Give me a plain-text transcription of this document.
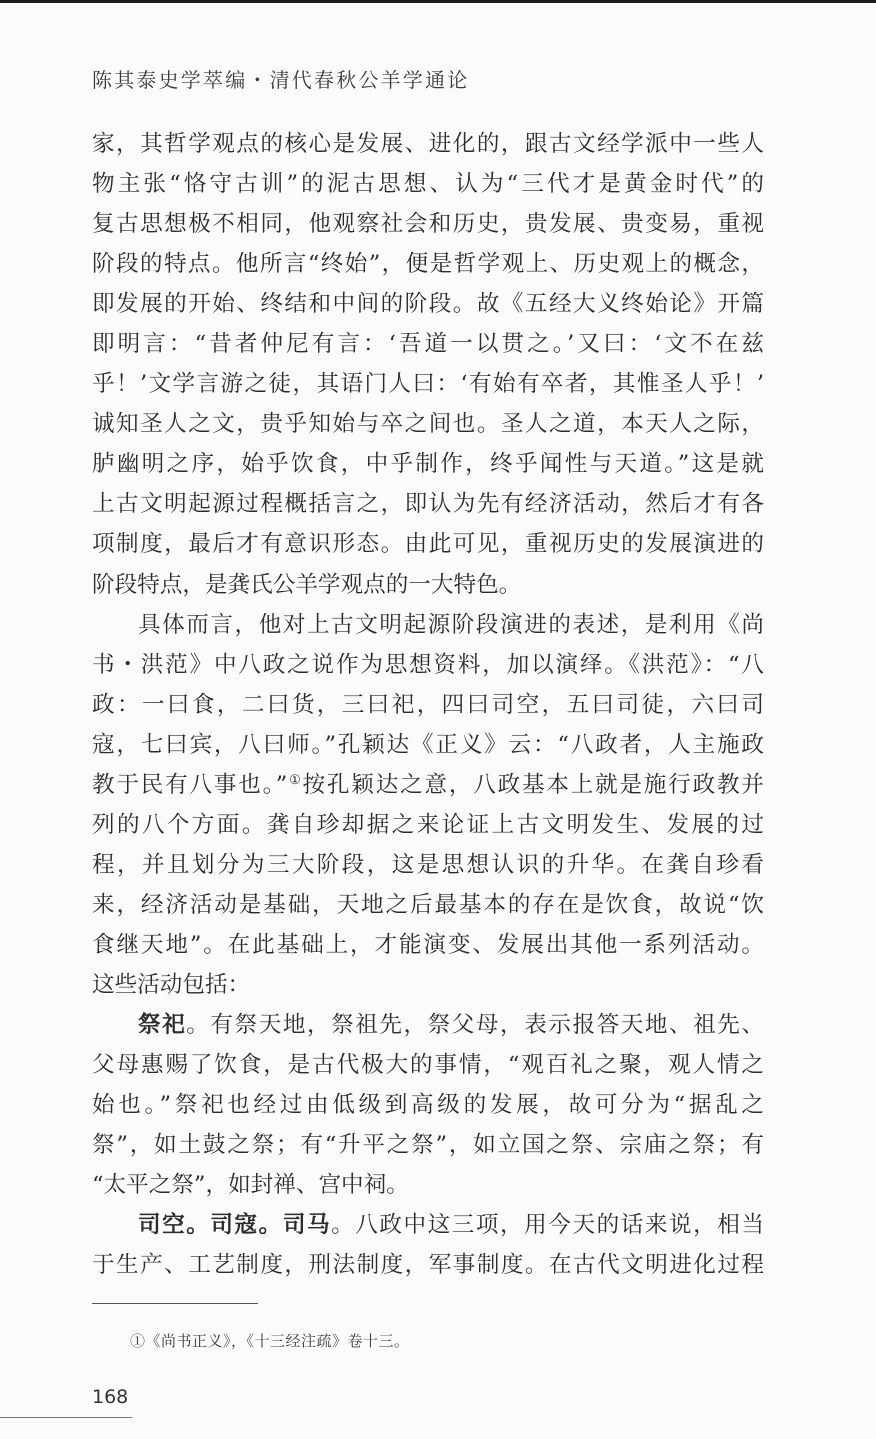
陈其泰史学萃编・清代春秋公羊学通论
家，其哲学观点的核心是发展、进化的，跟古文经学派中一些人
物主张“恪守古训”的泥古思想、认为“三代才是黄金时代”的
复古思想极不相同，他观察社会和历史，贵发展、贵变易，重视
阶段的特点。他所言“终始”，便是哲学观上、历史观上的概念，
即发展的开始、终结和中间的阶段。故《五经大义终始论》开篇
即明言：“昔者仲尼有言：‘吾道一以贯之。’又曰：‘文不在兹
乎！’文学言游之徒，其语门人曰：‘有始有卒者，其惟圣人乎！’
诚知圣人之文，贵乎知始与卒之间也。圣人之道，本天人之际，
胪幽明之序，始乎饮食，中乎制作，终乎闻性与天道。”这是就
上古文明起源过程概括言之，即认为先有经济活动，然后才有各
项制度，最后才有意识形态。由此可见，重视历史的发展演进的
阶段特点，是龚氏公羊学观点的一大特色。
具体而言，他对上古文明起源阶段演进的表述，是利用《尚
书・洪范》中八政之说作为思想资料，加以演绎。《洪范》：“八
政：一曰食，二曰货，三曰祀，四曰司空，五曰司徒，六曰司
寇，七曰宾，八曰师。”孔颖达《正义》云：“八政者，人主施政
教于民有八事也。”①按孔颖达之意，八政基本上就是施行政教并
列的八个方面。龚自珍却据之来论证上古文明发生、发展的过
程，并且划分为三大阶段，这是思想认识的升华。在龚自珍看
来，经济活动是基础，天地之后最基本的存在是饮食，故说“饮
食继天地”。在此基础上，才能演变、发展出其他一系列活动。
这些活动包括：
祭祀。有祭天地，祭祖先，祭父母，表示报答天地、祖先、
父母惠赐了饮食，是古代极大的事情，“观百礼之聚，观人情之
始也。”祭祀也经过由低级到高级的发展，故可分为“据乱之
祭”，如土鼓之祭；有“升平之祭”，如立国之祭、宗庙之祭；有
“太平之祭”，如封禅、宫中祠。
司空。司寇。司马。八政中这三项，用今天的话来说，相当
于生产、工艺制度，刑法制度，军事制度。在古代文明进化过程
①《尚书正义》，《十三经注疏》卷十三。
168
